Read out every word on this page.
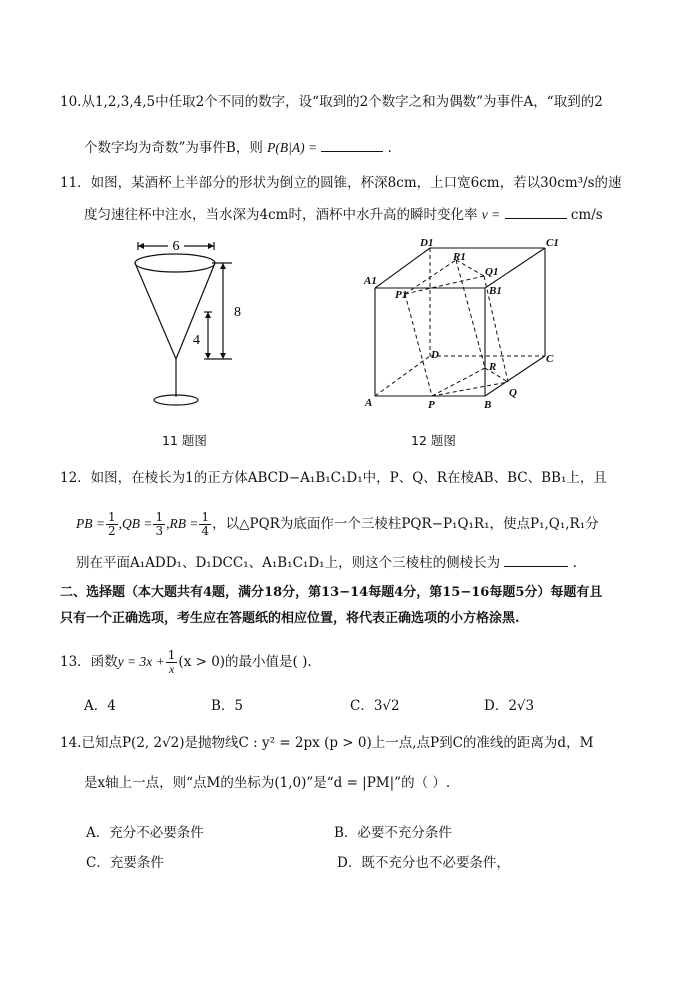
10.从1,2,3,4,5中任取2个不同的数字，设“取到的2个数字之和为偶数”为事件A，“取到的2
个数字均为奇数”为事件B，则 P(B|A) =	.
11．如图，某酒杯上半部分的形状为倒立的圆锥，杯深8cm，上口宽6cm，若以30cm³/s的速
度匀速往杯中注水，当水深为4cm时，酒杯中水升高的瞬时变化率 v =	cm/s
6
8
4
D1	C1
A1
B1
R1
Q1
P1
D	C
R
A	P	B
Q
11 题图	12 题图
12．如图，在棱长为1的正方体ABCD−A₁B₁C₁D₁中，P、Q、R在棱AB、BC、BB₁上，且
PB = $\frac{1}{2} ,QB = \frac{1}{3} ,RB = \frac{1}{4}$ ，以△PQR为底面作一个三棱柱PQR−P₁Q₁R₁，使点P₁,Q₁,R₁分
别在平面A₁ADD₁、D₁DCC₁、A₁B₁C₁D₁上，则这个三棱柱的侧棱长为	.
二、选择题（本大题共有4题，满分18分，第13−14每题4分，第15−16每题5分）每题有且
只有一个正确选项，考生应在答题纸的相应位置，将代表正确选项的小方格涂黑.
13．函数 $y = 3x + \frac{1}{x} (x > 0)$的最小值是( ).
A．4	B．5	C．3√2	D．2√3
14.已知点P(2, 2√2)是抛物线C : y² = 2px (p > 0)上一点,点P到C的准线的距离为d，M
是x轴上一点，则“点M的坐标为(1,0)”是“d = |PM|”的（ ）.
A．充分不必要条件	B．必要不充分条件
C．充要条件	D．既不充分也不必要条件，
